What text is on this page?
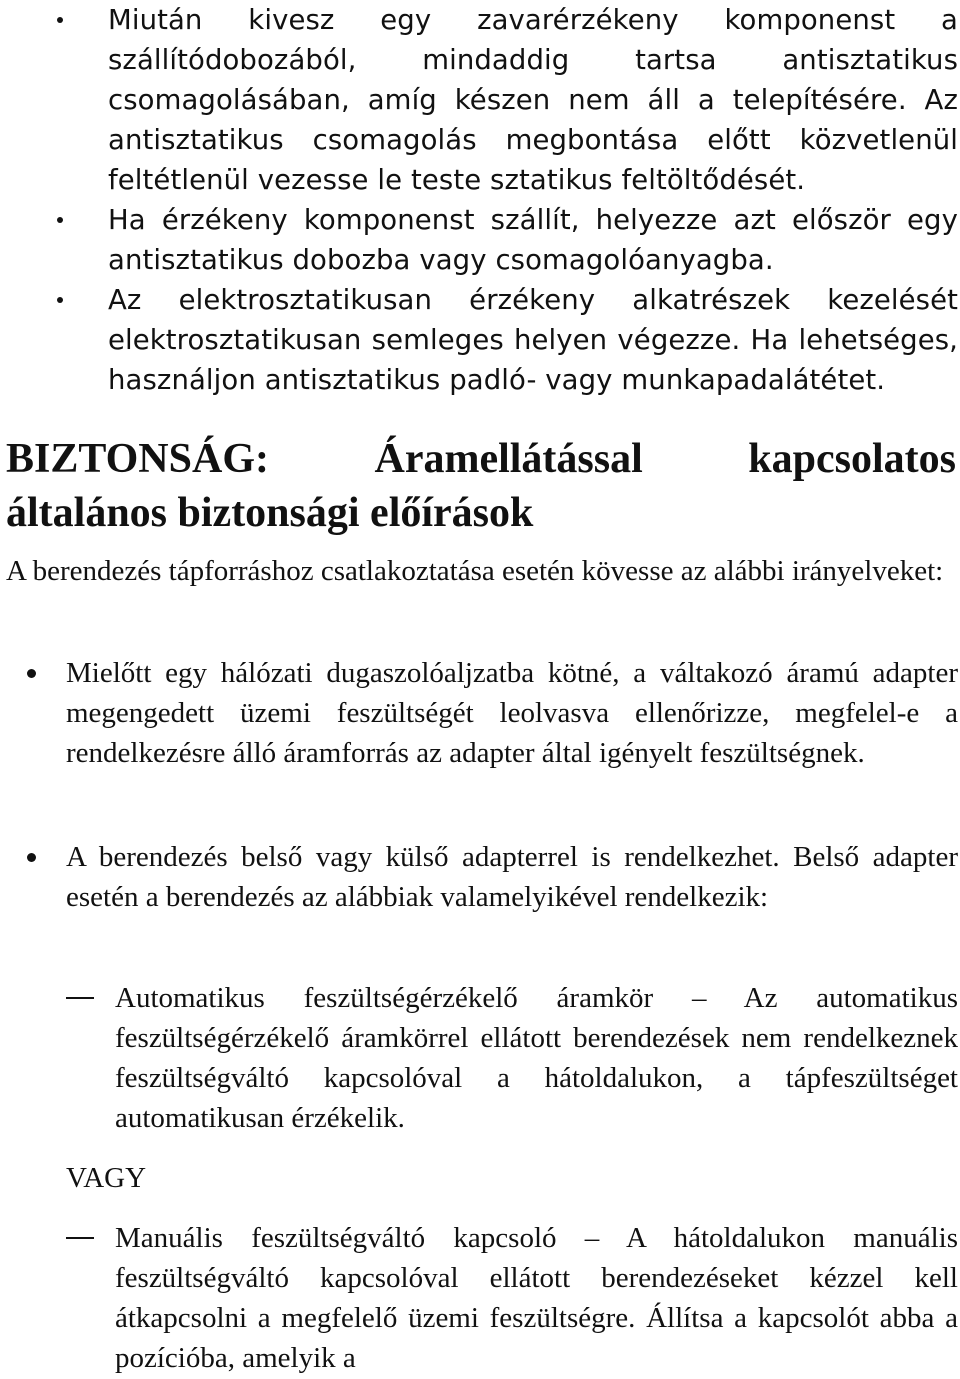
Miután kivesz egy zavarérzékeny komponenst a szállítódobozából, mindaddig tartsa antisztatikus csomagolásában, amíg készen nem áll a telepítésére. Az antisztatikus csomagolás megbontása előtt közvetlenül feltétlenül vezesse le teste sztatikus feltöltődését.
Ha érzékeny komponenst szállít, helyezze azt először egy antisztatikus dobozba vagy csomagolóanyagba.
Az elektrosztatikusan érzékeny alkatrészek kezelését elektrosztatikusan semleges helyen végezze. Ha lehetséges, használjon antisztatikus padló- vagy munkapadalátétet.
BIZTONSÁG: Áramellátással kapcsolatos
általános biztonsági előírások
A berendezés tápforráshoz csatlakoztatása esetén kövesse az alábbi irányelveket:
Mielőtt egy hálózati dugaszolóaljzatba kötné, a váltakozó áramú adapter megengedett üzemi feszültségét leolvasva ellenőrizze, megfelel-e a rendelkezésre álló áramforrás az adapter által igényelt feszültségnek.
A berendezés belső vagy külső adapterrel is rendelkezhet. Belső adapter esetén a berendezés az alábbiak valamelyikével rendelkezik:
Automatikus feszültségérzékelő áramkör – Az automatikus feszültségérzékelő áramkörrel ellátott berendezések nem rendelkeznek feszültségváltó kapcsolóval a hátoldalukon, a tápfeszültséget automatikusan érzékelik.
VAGY
Manuális feszültségváltó kapcsoló – A hátoldalukon manuális feszültségváltó kapcsolóval ellátott berendezéseket kézzel kell átkapcsolni a megfelelő üzemi feszültségre. Állítsa a kapcsolót abba a pozícióba, amelyik a
